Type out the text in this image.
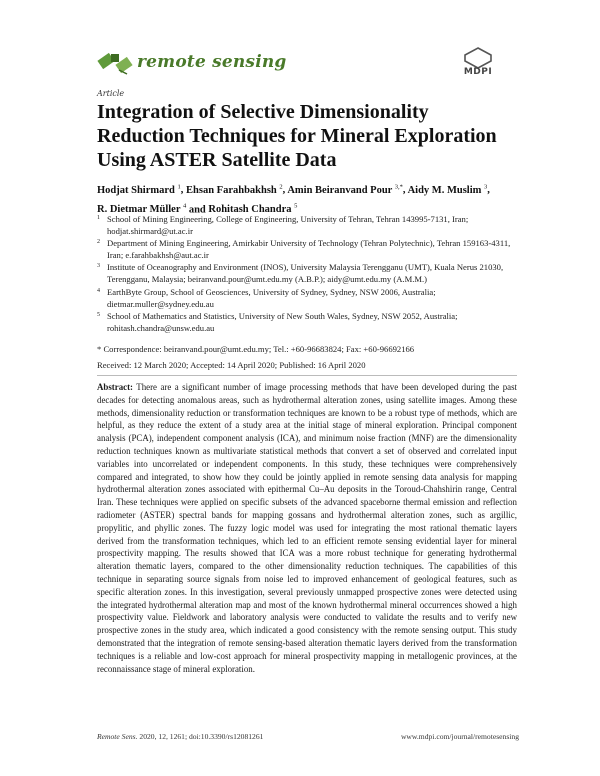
remote sensing	MDPI
Article
Integration of Selective Dimensionality Reduction Techniques for Mineral Exploration Using ASTER Satellite Data
Hodjat Shirmard $^1$, Ehsan Farahbakhsh $^2$, Amin Beiranvand Pour $^{3,*}$, Aidy M. Muslim $^3$,
R. Dietmar Müller $^4$ and Rohitash Chandra $^5$
1 School of Mining Engineering, College of Engineering, University of Tehran, Tehran 143995-7131, Iran; hodjat.shirmard@ut.ac.ir
2 Department of Mining Engineering, Amirkabir University of Technology (Tehran Polytechnic), Tehran 159163-4311, Iran; e.farahbakhsh@aut.ac.ir
3 Institute of Oceanography and Environment (INOS), University Malaysia Terengganu (UMT), Kuala Nerus 21030, Terengganu, Malaysia; beiranvand.pour@umt.edu.my (A.B.P.); aidy@umt.edu.my (A.M.M.)
4 EarthByte Group, School of Geosciences, University of Sydney, Sydney, NSW 2006, Australia; dietmar.muller@sydney.edu.au
5 School of Mathematics and Statistics, University of New South Wales, Sydney, NSW 2052, Australia; rohitash.chandra@unsw.edu.au
* Correspondence: beiranvand.pour@umt.edu.my; Tel.: +60-96683824; Fax: +60-96692166
Received: 12 March 2020; Accepted: 14 April 2020; Published: 16 April 2020
Abstract: There are a significant number of image processing methods that have been developed during the past decades for detecting anomalous areas, such as hydrothermal alteration zones, using satellite images. Among these methods, dimensionality reduction or transformation techniques are known to be a robust type of methods, which are helpful, as they reduce the extent of a study area at the initial stage of mineral exploration. Principal component analysis (PCA), independent component analysis (ICA), and minimum noise fraction (MNF) are the dimensionality reduction techniques known as multivariate statistical methods that convert a set of observed and correlated input variables into uncorrelated or independent components. In this study, these techniques were comprehensively compared and integrated, to show how they could be jointly applied in remote sensing data analysis for mapping hydrothermal alteration zones associated with epithermal Cu–Au deposits in the Toroud-Chahshirin range, Central Iran. These techniques were applied on specific subsets of the advanced spaceborne thermal emission and reflection radiometer (ASTER) spectral bands for mapping gossans and hydrothermal alteration zones, such as argillic, propylitic, and phyllic zones. The fuzzy logic model was used for integrating the most rational thematic layers derived from the transformation techniques, which led to an efficient remote sensing evidential layer for mineral prospectivity mapping. The results showed that ICA was a more robust technique for generating hydrothermal alteration thematic layers, compared to the other dimensionality reduction techniques. The capabilities of this technique in separating source signals from noise led to improved enhancement of geological features, such as specific alteration zones. In this investigation, several previously unmapped prospective zones were detected using the integrated hydrothermal alteration map and most of the known hydrothermal mineral occurrences showed a high prospectivity value. Fieldwork and laboratory analysis were conducted to validate the results and to verify new prospective zones in the study area, which indicated a good consistency with the remote sensing output. This study demonstrated that the integration of remote sensing-based alteration thematic layers derived from the transformation techniques is a reliable and low-cost approach for mineral prospectivity mapping in metallogenic provinces, at the reconnaissance stage of mineral exploration.
Remote Sens. 2020, 12, 1261; doi:10.3390/rs12081261	www.mdpi.com/journal/remotesensing
